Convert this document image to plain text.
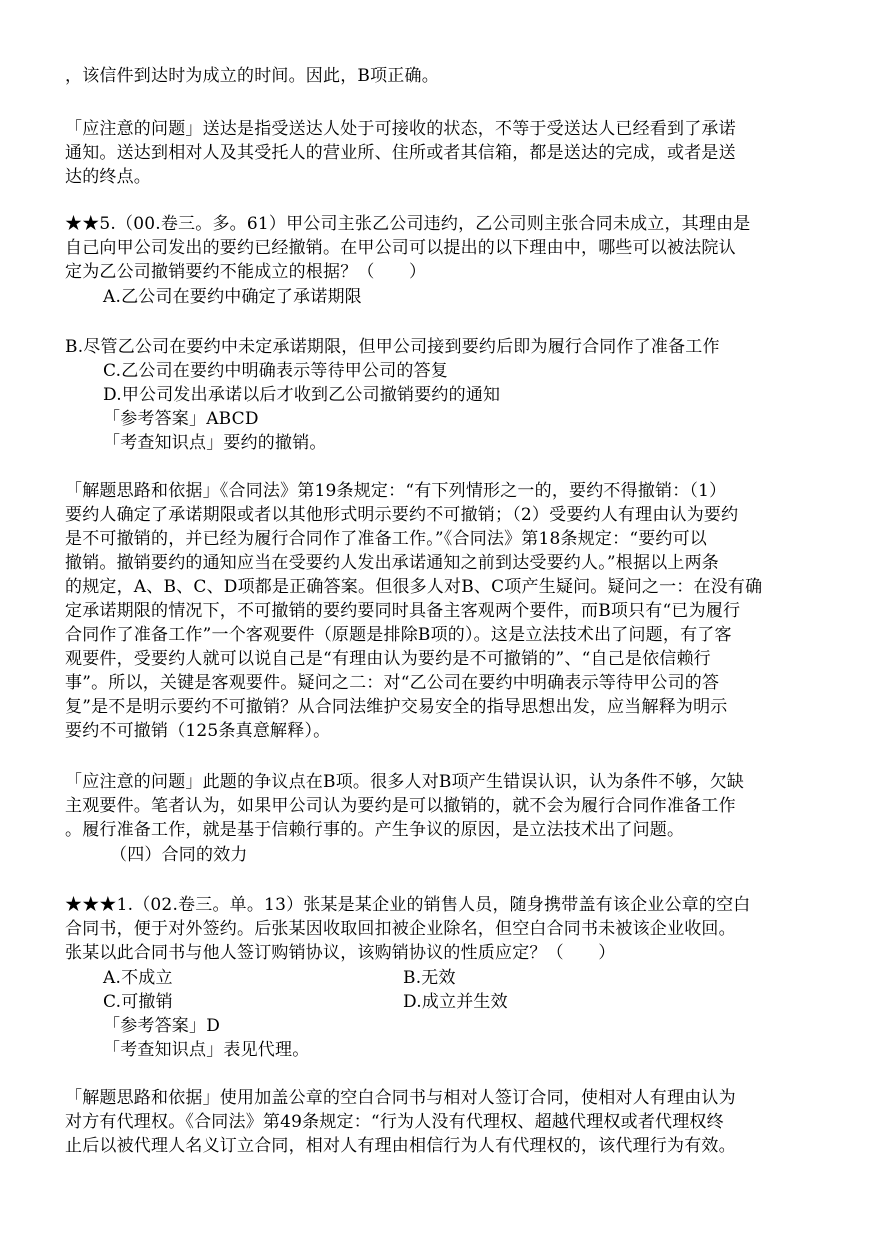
，该信件到达时为成立的时间。因此，B项正确。
「应注意的问题」送达是指受送达人处于可接收的状态，不等于受送达人已经看到了承诺
通知。送达到相对人及其受托人的营业所、住所或者其信箱，都是送达的完成，或者是送
达的终点。
★★5.（00.卷三。多。61）甲公司主张乙公司违约，乙公司则主张合同未成立，其理由是
自己向甲公司发出的要约已经撤销。在甲公司可以提出的以下理由中，哪些可以被法院认
定为乙公司撤销要约不能成立的根据？（　　）
A.乙公司在要约中确定了承诺期限
B.尽管乙公司在要约中未定承诺期限，但甲公司接到要约后即为履行合同作了准备工作
C.乙公司在要约中明确表示等待甲公司的答复
D.甲公司发出承诺以后才收到乙公司撤销要约的通知
「参考答案」ABCD
「考查知识点」要约的撤销。
「解题思路和依据」《合同法》第19条规定：“有下列情形之一的，要约不得撤销：（1）
要约人确定了承诺期限或者以其他形式明示要约不可撤销；（2）受要约人有理由认为要约
是不可撤销的，并已经为履行合同作了准备工作。”《合同法》第18条规定：“要约可以
撤销。撤销要约的通知应当在受要约人发出承诺通知之前到达受要约人。”根据以上两条
的规定，A、B、C、D项都是正确答案。但很多人对B、C项产生疑问。疑问之一：在没有确
定承诺期限的情况下，不可撤销的要约要同时具备主客观两个要件，而B项只有“已为履行
合同作了准备工作”一个客观要件（原题是排除B项的）。这是立法技术出了问题，有了客
观要件，受要约人就可以说自己是“有理由认为要约是不可撤销的”、“自己是依信赖行
事”。所以，关键是客观要件。疑问之二：对“乙公司在要约中明确表示等待甲公司的答
复”是不是明示要约不可撤销？从合同法维护交易安全的指导思想出发，应当解释为明示
要约不可撤销（125条真意解释）。
「应注意的问题」此题的争议点在B项。很多人对B项产生错误认识，认为条件不够，欠缺
主观要件。笔者认为，如果甲公司认为要约是可以撤销的，就不会为履行合同作准备工作
。履行准备工作，就是基于信赖行事的。产生争议的原因，是立法技术出了问题。
（四）合同的效力
★★★1.（02.卷三。单。13）张某是某企业的销售人员，随身携带盖有该企业公章的空白
合同书，便于对外签约。后张某因收取回扣被企业除名，但空白合同书未被该企业收回。
张某以此合同书与他人签订购销协议，该购销协议的性质应定？（　　）
A.不成立	B.无效
C.可撤销	D.成立并生效
「参考答案」D
「考查知识点」表见代理。
「解题思路和依据」使用加盖公章的空白合同书与相对人签订合同，使相对人有理由认为
对方有代理权。《合同法》第49条规定：“行为人没有代理权、超越代理权或者代理权终
止后以被代理人名义订立合同，相对人有理由相信行为人有代理权的，该代理行为有效。
